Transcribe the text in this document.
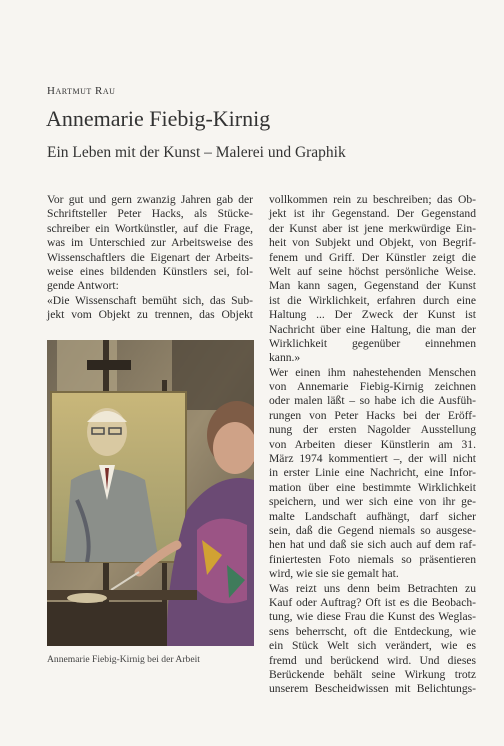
Hartmut Rau
Annemarie Fiebig-Kirnig
Ein Leben mit der Kunst – Malerei und Graphik
Vor gut und gern zwanzig Jahren gab der
Schriftsteller Peter Hacks, als Stücke-
schreiber ein Wortkünstler, auf die Frage,
was im Unterschied zur Arbeitsweise des
Wissenschaftlers die Eigenart der Arbeits-
weise eines bildenden Künstlers sei, fol-
gende Antwort:
«Die Wissenschaft bemüht sich, das Sub-
jekt vom Objekt zu trennen, das Objekt
vollkommen rein zu beschreiben; das Ob-
jekt ist ihr Gegenstand. Der Gegenstand
der Kunst aber ist jene merkwürdige Ein-
heit von Subjekt und Objekt, von Begrif-
fenem und Griff. Der Künstler zeigt die
Welt auf seine höchst persönliche Weise.
Man kann sagen, Gegenstand der Kunst
ist die Wirklichkeit, erfahren durch eine
Haltung ... Der Zweck der Kunst ist
Nachricht über eine Haltung, die man der
Wirklichkeit gegenüber einnehmen
kann.»
Wer einen ihm nahestehenden Menschen
von Annemarie Fiebig-Kirnig zeichnen
oder malen läßt – so habe ich die Ausfüh-
rungen von Peter Hacks bei der Eröff-
nung der ersten Nagolder Ausstellung
von Arbeiten dieser Künstlerin am 31.
März 1974 kommentiert –, der will nicht
in erster Linie eine Nachricht, eine Infor-
mation über eine bestimmte Wirklichkeit
speichern, und wer sich eine von ihr ge-
malte Landschaft aufhängt, darf sicher
sein, daß die Gegend niemals so ausgese-
hen hat und daß sie sich auch auf dem raf-
finiertesten Foto niemals so präsentieren
wird, wie sie sie gemalt hat.
Was reizt uns denn beim Betrachten zu
Kauf oder Auftrag? Oft ist es die Beobach-
tung, wie diese Frau die Kunst des Weglas-
sens beherrscht, oft die Entdeckung, wie
ein Stück Welt sich verändert, wie es
fremd und berückend wird. Und dieses
Berückende behält seine Wirkung trotz
unserem Bescheidwissen mit Belichtungs-
Annemarie Fiebig-Kirnig bei der Arbeit
